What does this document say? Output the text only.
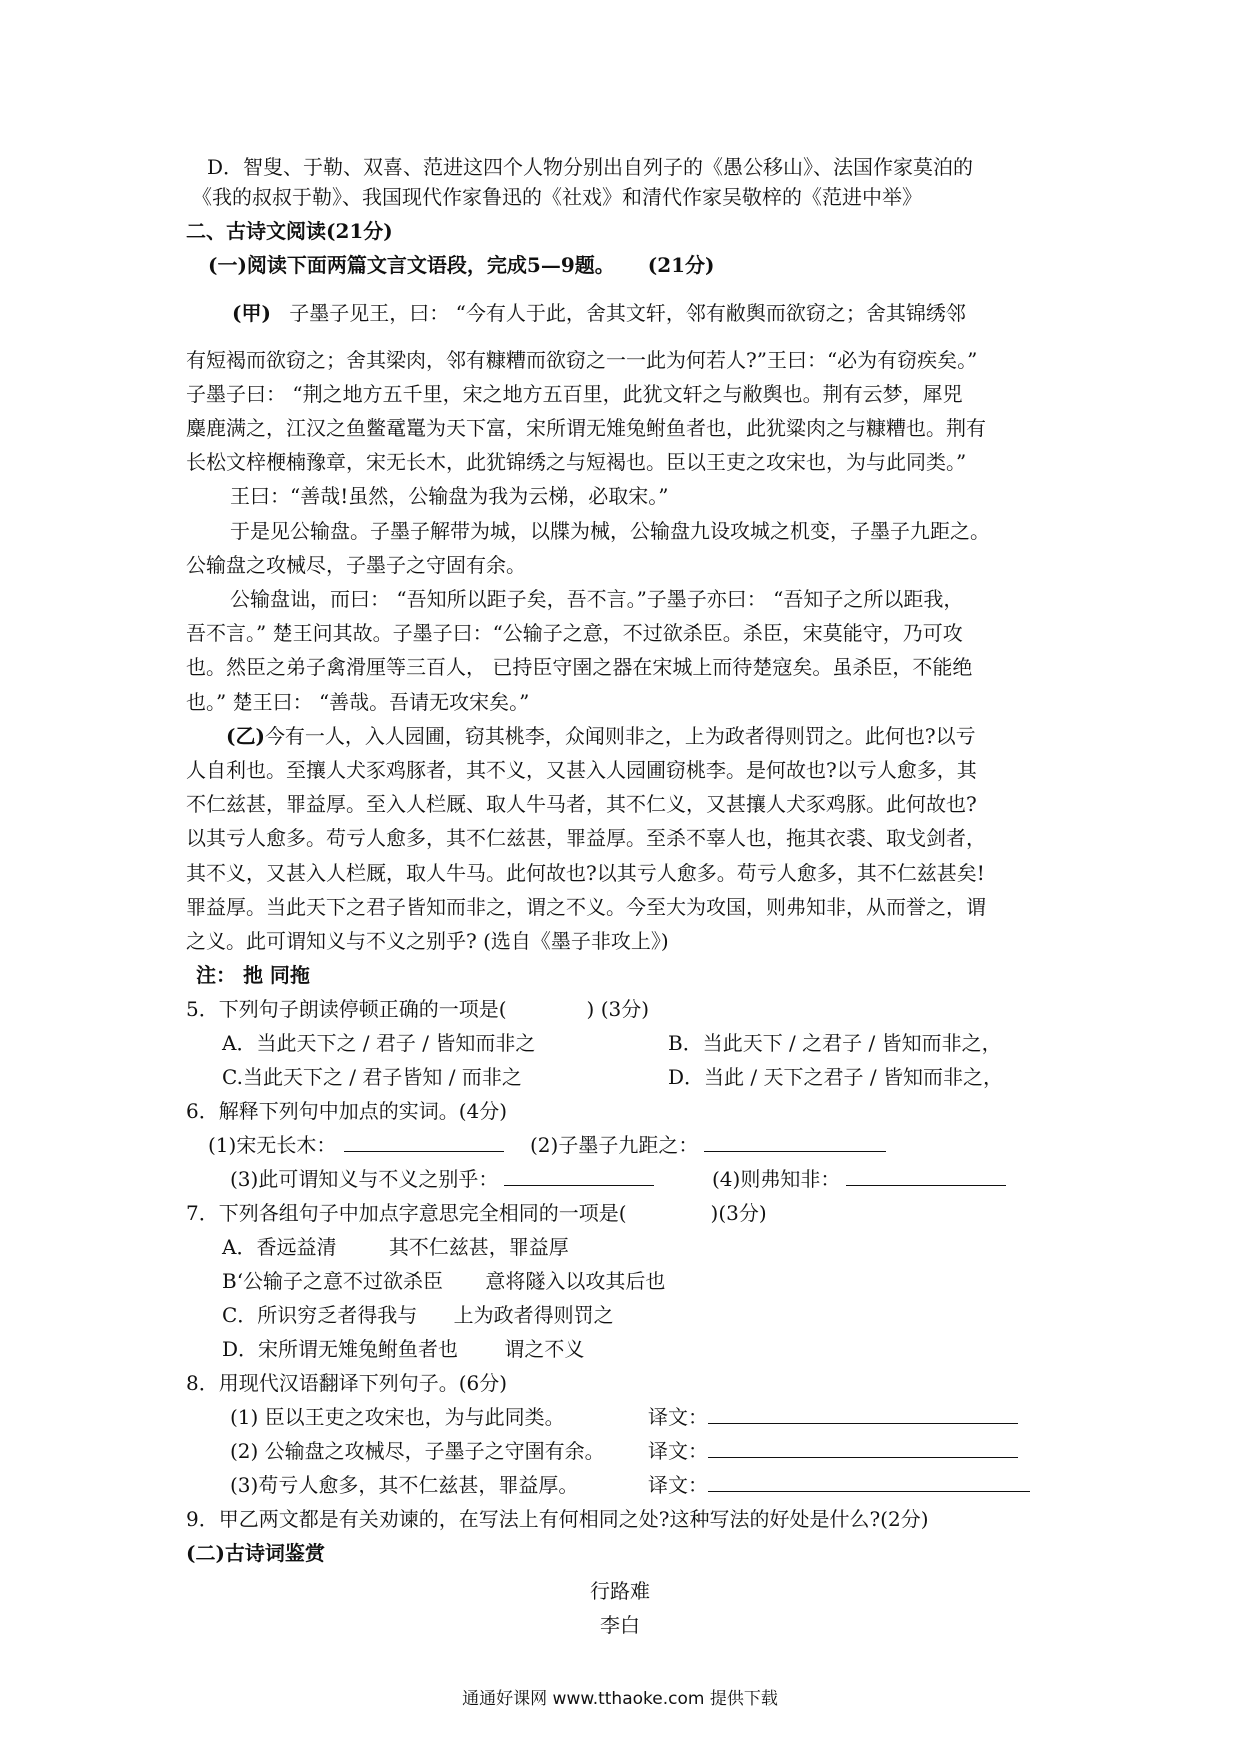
D．智叟、于勒、双喜、范进这四个人物分别出自列子的《愚公移山》、法国作家莫泊的
《我的叔叔于勒》、我国现代作家鲁迅的《社戏》和清代作家吴敬梓的《范进中举》
二、古诗文阅读(21分)
(一)阅读下面两篇文言文语段，完成5—9题。 (21分)
(甲) 子墨子见王，曰： “今有人于此，舍其文轩，邻有敝舆而欲窃之；舍其锦绣邻
有短褐而欲窃之；舍其梁肉，邻有糠糟而欲窃之一一此为何若人?”王曰：“必为有窃疾矣。”
子墨子曰： “荆之地方五千里，宋之地方五百里，此犹文轩之与敝舆也。荆有云梦，犀兕
麋鹿满之，江汉之鱼鳖鼋鼍为天下富，宋所谓无雉兔鲋鱼者也，此犹粱肉之与糠糟也。荆有
长松文梓楩楠豫章，宋无长木，此犹锦绣之与短褐也。臣以王吏之攻宋也，为与此同类。”
王曰：“善哉!虽然，公输盘为我为云梯，必取宋。”
于是见公输盘。子墨子解带为城，以牒为械，公输盘九设攻城之机变，子墨子九距之。
公输盘之攻械尽，子墨子之守固有余。
公输盘诎，而曰： “吾知所以距子矣，吾不言。”子墨子亦曰： “吾知子之所以距我，
吾不言。” 楚王问其故。子墨子曰：“公输子之意，不过欲杀臣。杀臣，宋莫能守，乃可攻
也。然臣之弟子禽滑厘等三百人， 已持臣守圉之器在宋城上而待楚寇矣。虽杀臣，不能绝
也。” 楚王曰： “善哉。吾请无攻宋矣。”
(乙)今有一人，入人园圃，窃其桃李，众闻则非之，上为政者得则罚之。此何也?以亏
人自利也。至攘人犬豕鸡豚者，其不义，又甚入人园圃窃桃李。是何故也?以亏人愈多，其
不仁兹甚，罪益厚。至入人栏厩、取人牛马者，其不仁义，又甚攘人犬豕鸡豚。此何故也?
以其亏人愈多。苟亏人愈多，其不仁兹甚，罪益厚。至杀不辜人也，拖其衣裘、取戈剑者，
其不义，又甚入人栏厩，取人牛马。此何故也?以其亏人愈多。苟亏人愈多，其不仁兹甚矣!
罪益厚。当此天下之君子皆知而非之，谓之不义。今至大为攻国，则弗知非，从而誉之，谓
之义。此可谓知义与不义之别乎? (选自《墨子非攻上》)
注： 扡 同拖
5．下列句子朗读停顿正确的一项是(	) (3分)
A．当此天下之 / 君子 / 皆知而非之	B．当此天下 / 之君子 / 皆知而非之，
C.当此天下之 / 君子皆知 / 而非之	D．当此 / 天下之君子 / 皆知而非之，
6．解释下列句中加点的实词。(4分)
(1)宋无长木：	(2)子墨子九距之：
(3)此可谓知义与不义之别乎：	(4)则弗知非：
7．下列各组句子中加点字意思完全相同的一项是(	)(3分)
A．香远益清	其不仁兹甚，罪益厚
B‘公输子之意不过欲杀臣 意将隧入以攻其后也
C．所识穷乏者得我与 上为政者得则罚之
D．宋所谓无雉兔鲋鱼者也 谓之不义
8．用现代汉语翻译下列句子。(6分)
(1) 臣以王吏之攻宋也，为与此同类。	译文：
(2) 公输盘之攻械尽，子墨子之守圉有余。 译文：
(3)苟亏人愈多，其不仁兹甚，罪益厚。	译文：
9．甲乙两文都是有关劝谏的，在写法上有何相同之处?这种写法的好处是什么?(2分)
(二)古诗词鉴赏
行路难
李白
通通好课网 www.tthaoke.com 提供下载
